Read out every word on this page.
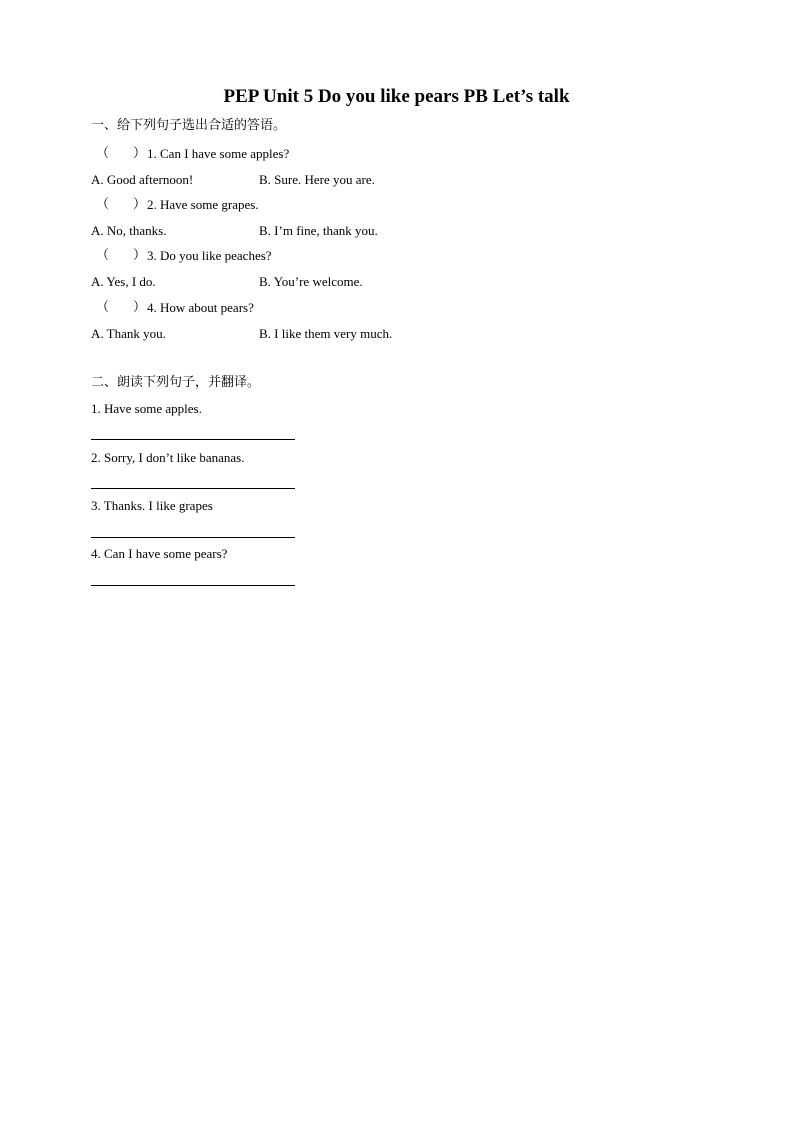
PEP Unit 5 Do you like pears PB Let’s talk
一、给下列句子选出合适的答语。
（ ） 1. Can I have some apples?
A. Good afternoon!	B. Sure. Here you are.
（ ） 2. Have some grapes.
A. No, thanks.	B. I’m fine, thank you.
（ ） 3. Do you like peaches?
A. Yes, I do.	B. You’re welcome.
（ ） 4. How about pears?
A. Thank you.	B. I like them very much.
二、朗读下列句子，并翻译。
1. Have some apples.
2. Sorry, I don’t like bananas.
3. Thanks. I like grapes
4. Can I have some pears?
